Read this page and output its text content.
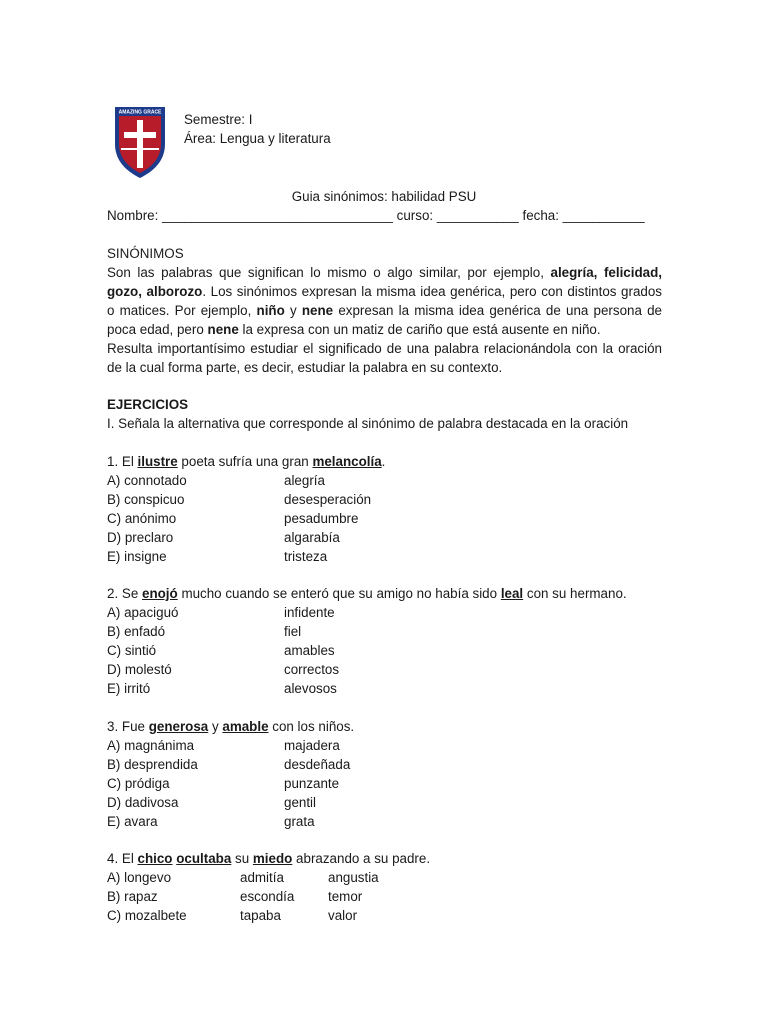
AMAZING GRACE Semestre: I
Área: Lengua y literatura
Guia sinónimos: habilidad PSU
Nombre: _______________________________ curso: ___________ fecha: ___________

SINÓNIMOS

Son las palabras que significan lo mismo o algo similar, por ejemplo, alegría, felicidad, gozo, alborozo. Los sinónimos expresan la misma idea genérica, pero con distintos grados o matices. Por ejemplo, niño y nene expresan la misma idea genérica de una persona de poca edad, pero nene la expresa con un matiz de cariño que está ausente en niño.

Resulta importantísimo estudiar el significado de una palabra relacionándola con la oración de la cual forma parte, es decir, estudiar la palabra en su contexto.

EJERCICIOS

I. Señala la alternativa que corresponde al sinónimo de palabra destacada en la oración

1. El ilustre poeta sufría una gran melancolía.
A) connotado	alegría
B) conspicuo	desesperación
C) anónimo	pesadumbre
D) preclaro	algarabía
E) insigne	tristeza
2. Se enojó mucho cuando se enteró que su amigo no había sido leal con su hermano.
A) apaciguó	infidente
B) enfadó	fiel
C) sintió	amables
D) molestó	correctos
E) irritó	alevosos
3. Fue generosa y amable con los niños.
A) magnánima	majadera
B) desprendida	desdeñada
C) pródiga	punzante
D) dadivosa	gentil
E) avara	grata
4. El chico ocultaba su miedo abrazando a su padre.
A) longevo	admitía	angustia
B) rapaz	escondía	temor
C) mozalbete	tapaba	valor
